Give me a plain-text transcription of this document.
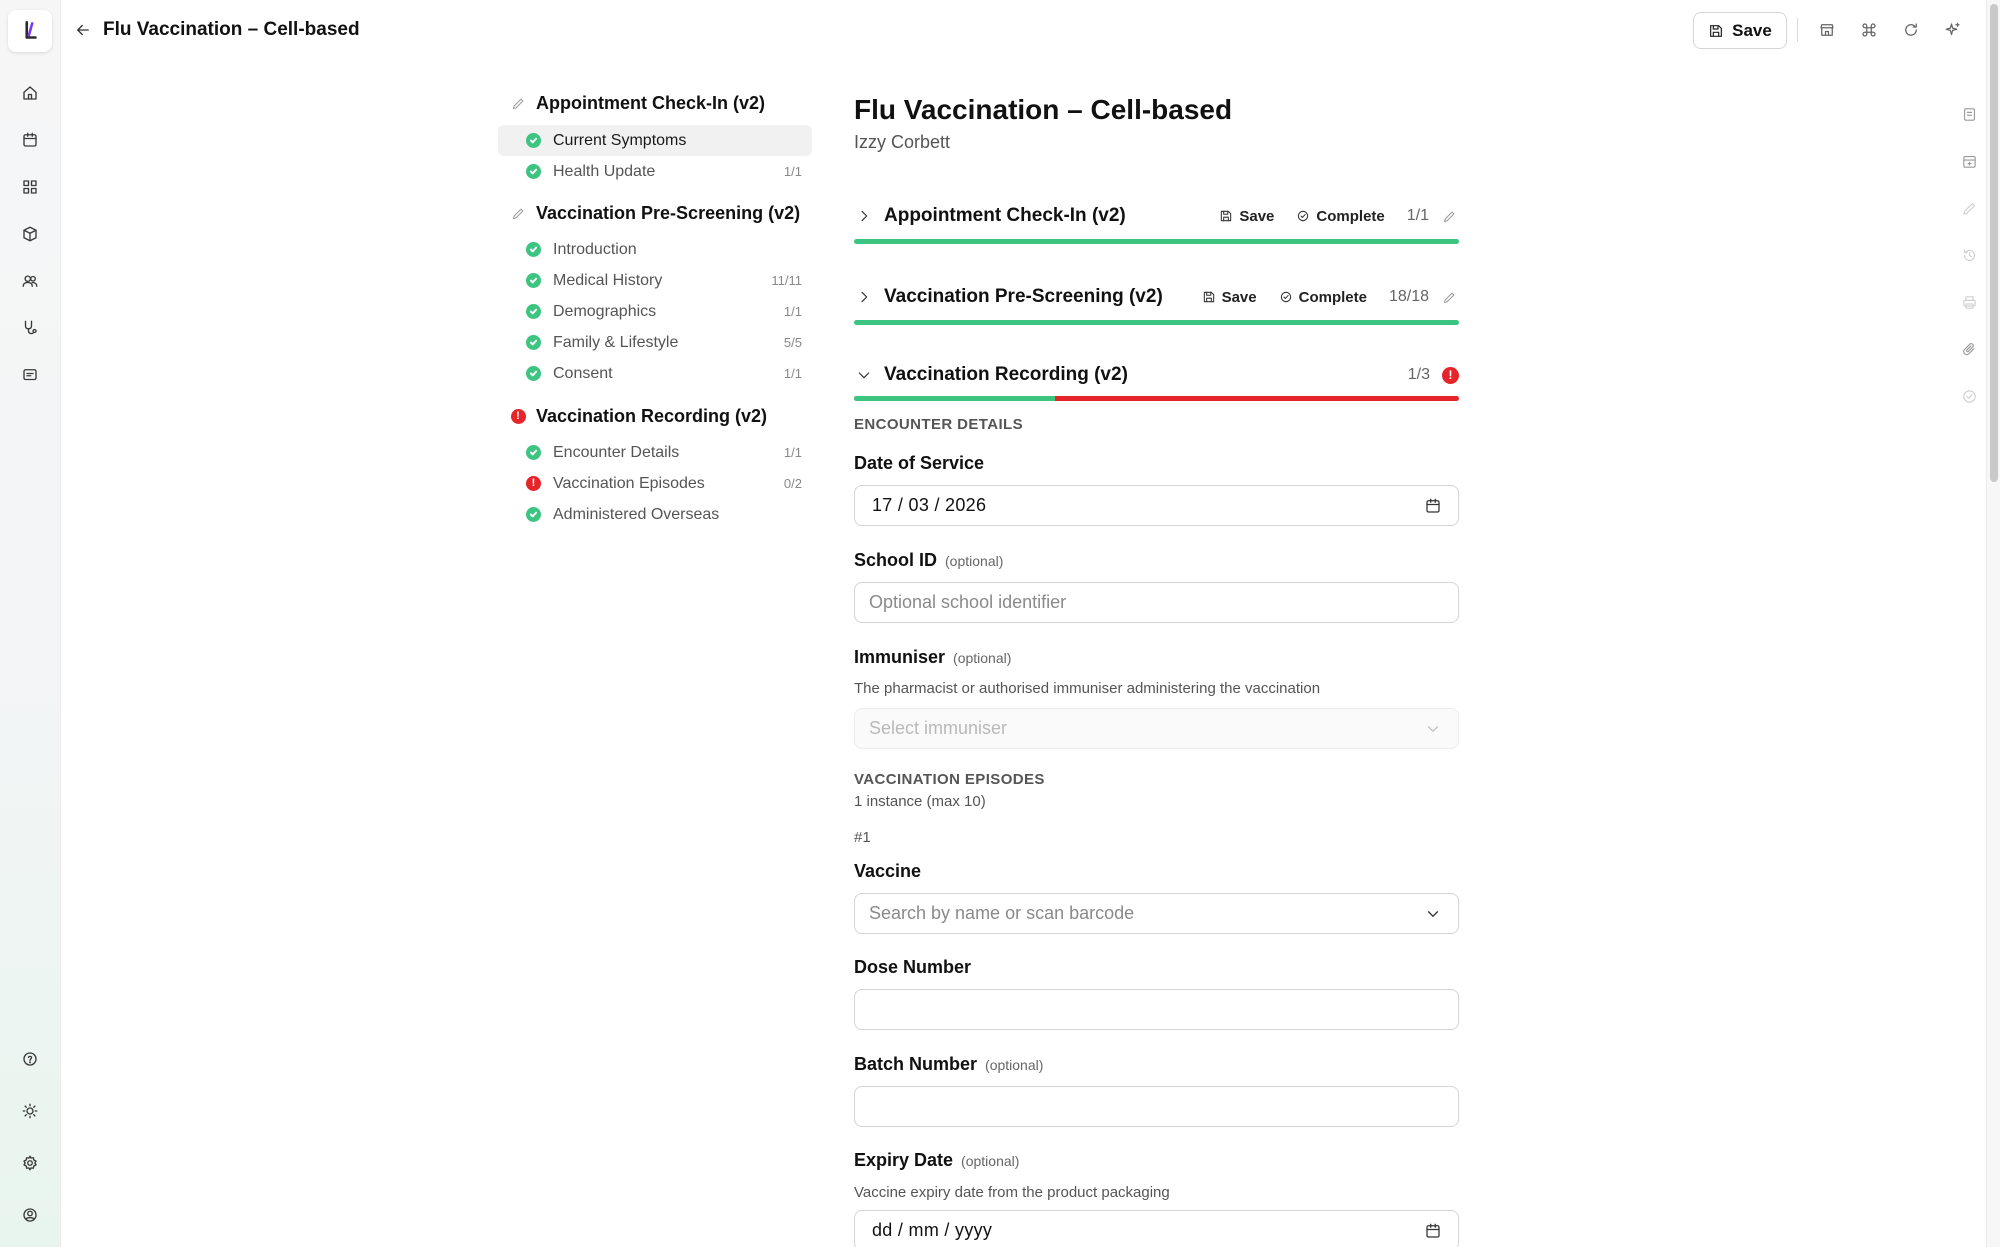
Flu Vaccination – Cell-based	Save
Appointment Check-In (v2)
Current Symptoms
Health Update	1/1
Vaccination Pre-Screening (v2)
Introduction
Medical History	11/11
Demographics	1/1
Family & Lifestyle	5/5
Consent	1/1
! Vaccination Recording (v2)
Encounter Details	1/1
!	Vaccination Episodes	0/2
Administered Overseas
Flu Vaccination – Cell-based
Izzy Corbett
Appointment Check-In (v2)	Save	Complete 1/1
Vaccination Pre-Screening (v2)	Save	Complete 18/18
Vaccination Recording (v2)	1/3	!
ENCOUNTER DETAILS
Date of Service
17 / 03 / 2026
School ID (optional)
Optional school identifier
Immuniser (optional)
The pharmacist or authorised immuniser administering the vaccination
Select immuniser
VACCINATION EPISODES
1 instance (max 10)
#1
Vaccine
Search by name or scan barcode
Dose Number
Batch Number (optional)
Expiry Date (optional)
Vaccine expiry date from the product packaging
dd / mm / yyyy
